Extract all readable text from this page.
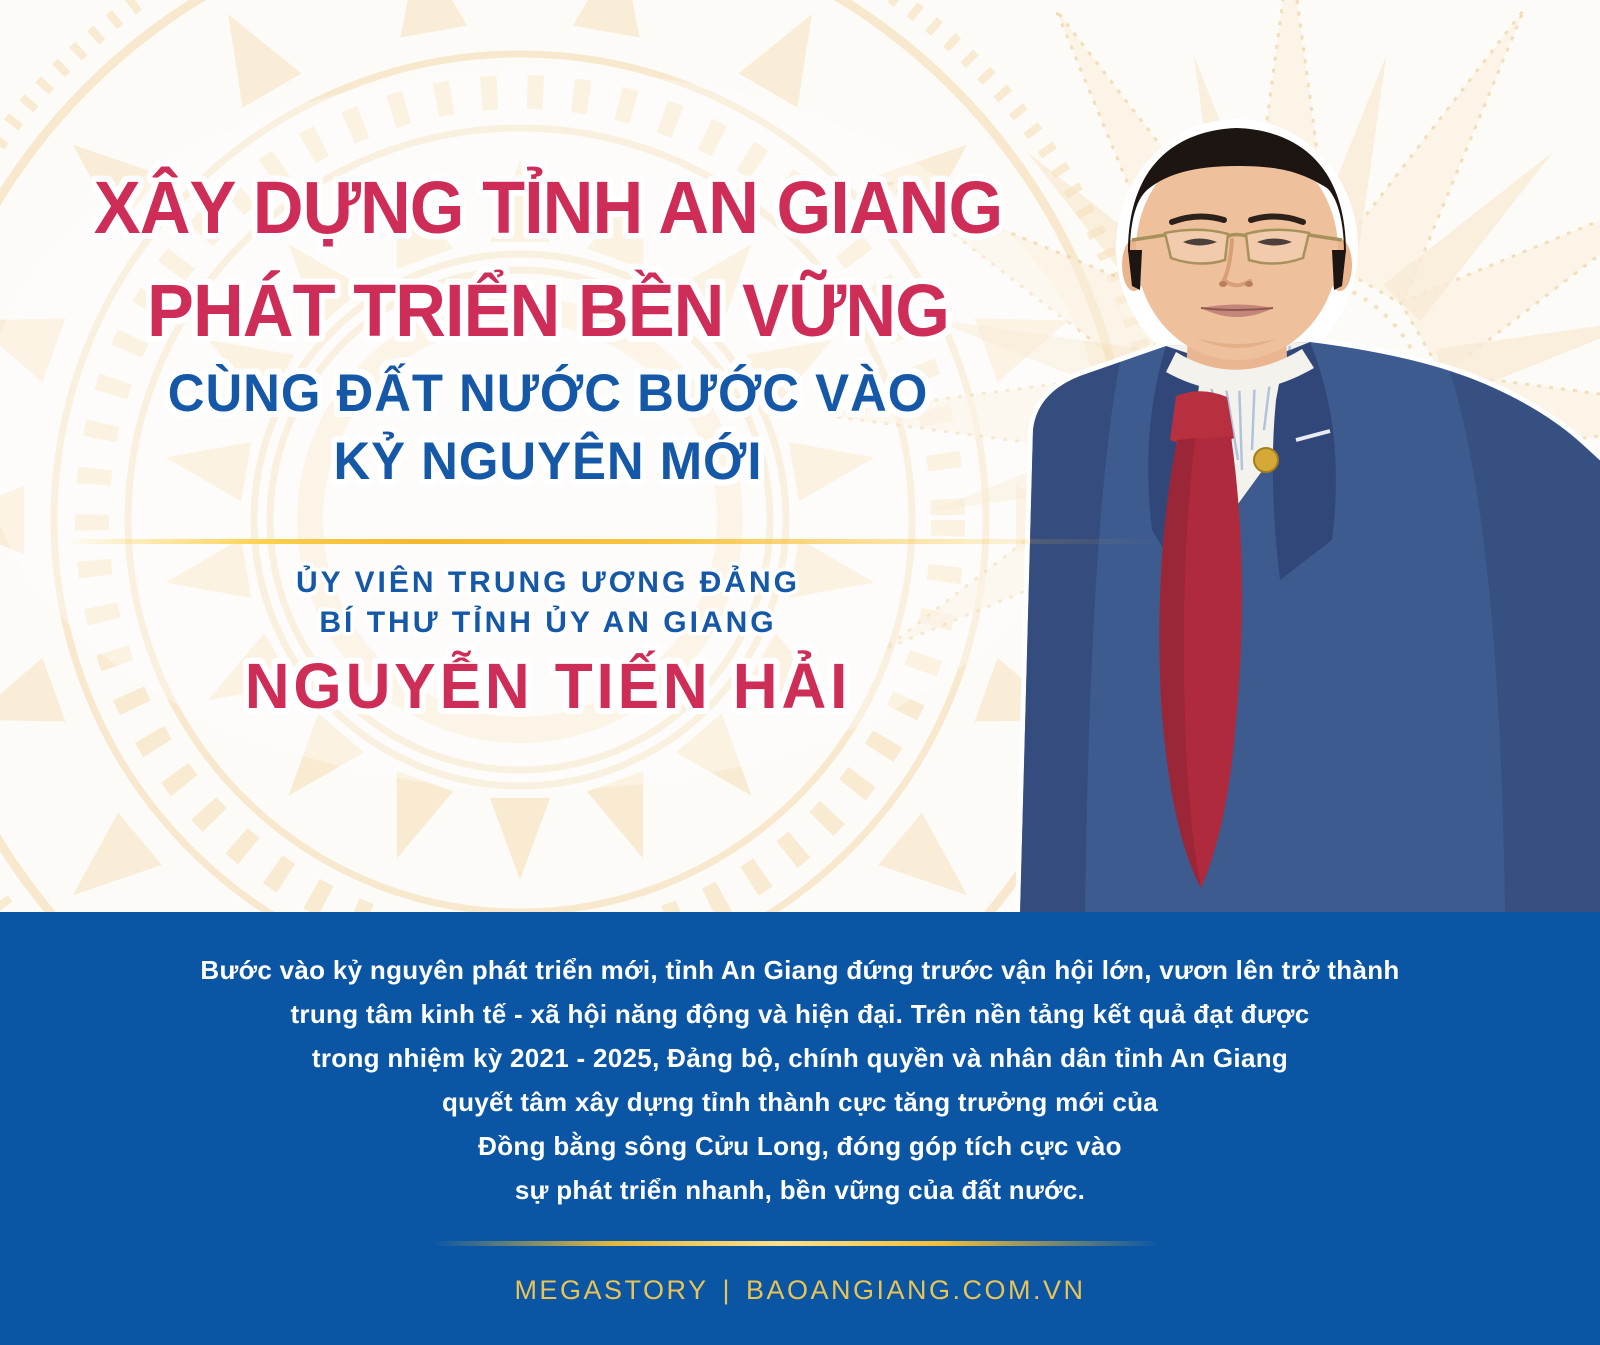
XÂY DỰNG TỈNH AN GIANG
PHÁT TRIỂN BỀN VỮNG
CÙNG ĐẤT NƯỚC BƯỚC VÀO
KỶ NGUYÊN MỚI
ỦY VIÊN TRUNG ƯƠNG ĐẢNG
BÍ THƯ TỈNH ỦY AN GIANG
NGUYỄN TIẾN HẢI
Bước vào kỷ nguyên phát triển mới, tỉnh An Giang đứng trước vận hội lớn, vươn lên trở thành
trung tâm kinh tế - xã hội năng động và hiện đại. Trên nền tảng kết quả đạt được
trong nhiệm kỳ 2021 - 2025, Đảng bộ, chính quyền và nhân dân tỉnh An Giang
quyết tâm xây dựng tỉnh thành cực tăng trưởng mới của
Đồng bằng sông Cửu Long, đóng góp tích cực vào
sự phát triển nhanh, bền vững của đất nước.
MEGASTORY | BAOANGIANG.COM.VN
